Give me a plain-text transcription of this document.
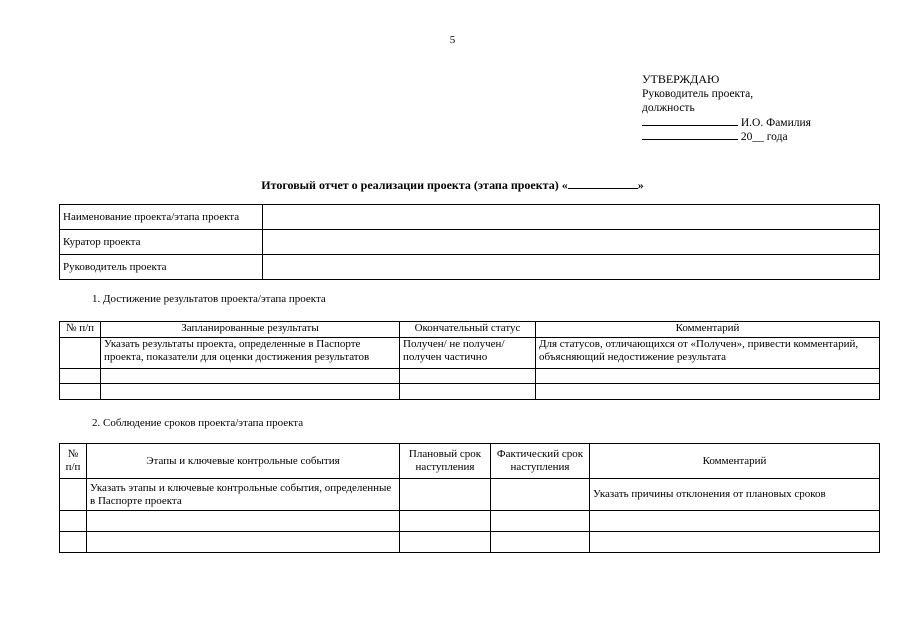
5
УТВЕРЖДАЮ
Руководитель проекта,
должность
И.О. Фамилия
20__ года
Итоговый отчет о реализации проекта (этапа проекта) «	»
Наименование проекта/этапа проекта	
Куратор проекта	
Руководитель проекта	
1. Достижение результатов проекта/этапа проекта
№ п/п	Запланированные результаты	Окончательный статус	Комментарий
	Указать результаты проекта, определенные в Паспорте проекта, показатели для оценки достижения результатов	Получен/ не получен/ получен частично	Для статусов, отличающихся от «Получен», привести комментарий, объясняющий недостижение результата

2. Соблюдение сроков проекта/этапа проекта
№ п/п	Этапы и ключевые контрольные события	Плановый срок наступления	Фактический срок наступления	Комментарий
	Указать этапы и ключевые контрольные события, определенные в Паспорте проекта			Указать причины отклонения от плановых сроков
